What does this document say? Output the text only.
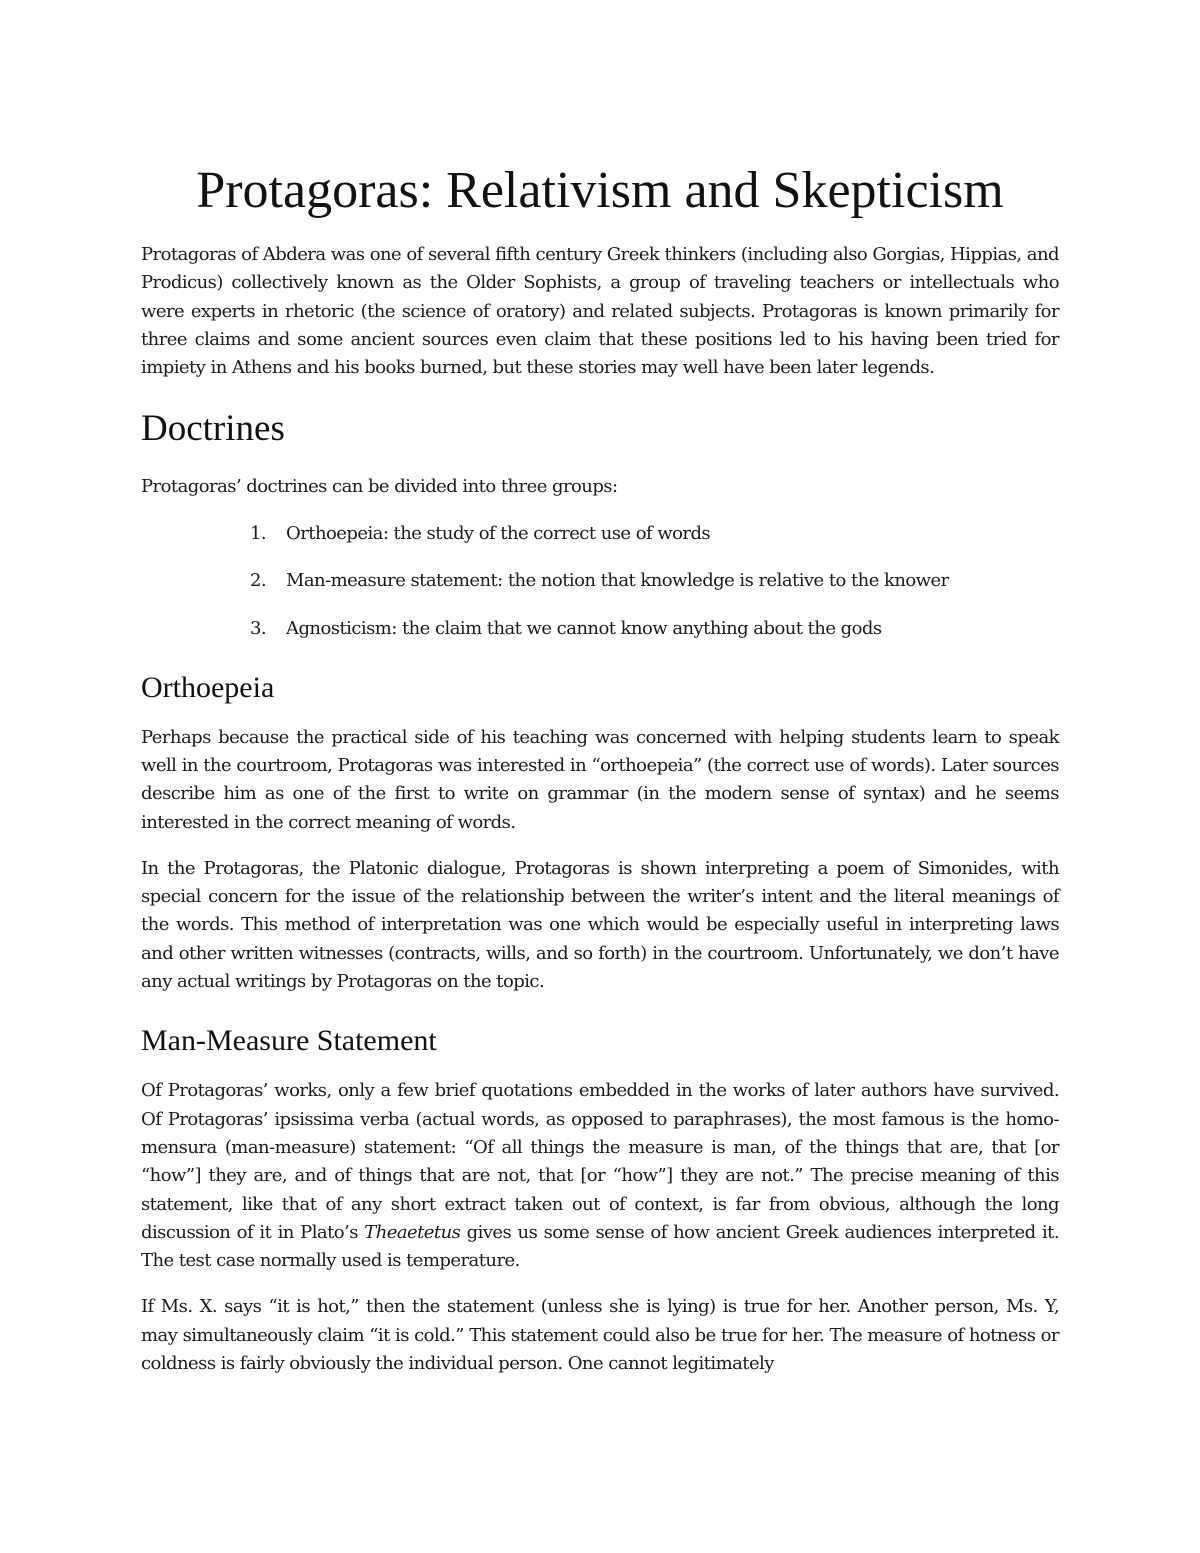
Protagoras: Relativism and Skepticism

Protagoras of Abdera was one of several fifth century Greek thinkers (including also Gorgias, Hippias, and Prodicus) collectively known as the Older Sophists, a group of traveling teachers or intellectuals who were experts in rhetoric (the science of oratory) and related subjects. Protagoras is known primarily for three claims and some ancient sources even claim that these positions led to his having been tried for impiety in Athens and his books burned, but these stories may well have been later legends.

Doctrines

Protagoras’ doctrines can be divided into three groups:

1. Orthoepeia: the study of the correct use of words
2. Man-measure statement: the notion that knowledge is relative to the knower
3. Agnosticism: the claim that we cannot know anything about the gods
Orthoepeia

Perhaps because the practical side of his teaching was concerned with helping students learn to speak well in the courtroom, Protagoras was interested in “orthoepeia” (the correct use of words). Later sources describe him as one of the first to write on grammar (in the modern sense of syntax) and he seems interested in the correct meaning of words.

In the Protagoras, the Platonic dialogue, Protagoras is shown interpreting a poem of Simonides, with special concern for the issue of the relationship between the writer’s intent and the literal meanings of the words. This method of interpretation was one which would be especially useful in interpreting laws and other written witnesses (contracts, wills, and so forth) in the courtroom. Unfortunately, we don’t have any actual writings by Protagoras on the topic.

Man-Measure Statement

Of Protagoras’ works, only a few brief quotations embedded in the works of later authors have survived. Of Protagoras’ ipsissima verba (actual words, as opposed to paraphrases), the most famous is the homo-mensura (man-measure) statement: “Of all things the measure is man, of the things that are, that [or “how”] they are, and of things that are not, that [or “how”] they are not.” The precise meaning of this statement, like that of any short extract taken out of context, is far from obvious, although the long discussion of it in Plato’s Theaetetus gives us some sense of how ancient Greek audiences interpreted it. The test case normally used is temperature.

If Ms. X. says “it is hot,” then the statement (unless she is lying) is true for her. Another person, Ms. Y, may simultaneously claim “it is cold.” This statement could also be true for her. The measure of hotness or coldness is fairly obviously the individual person. One cannot legitimately
